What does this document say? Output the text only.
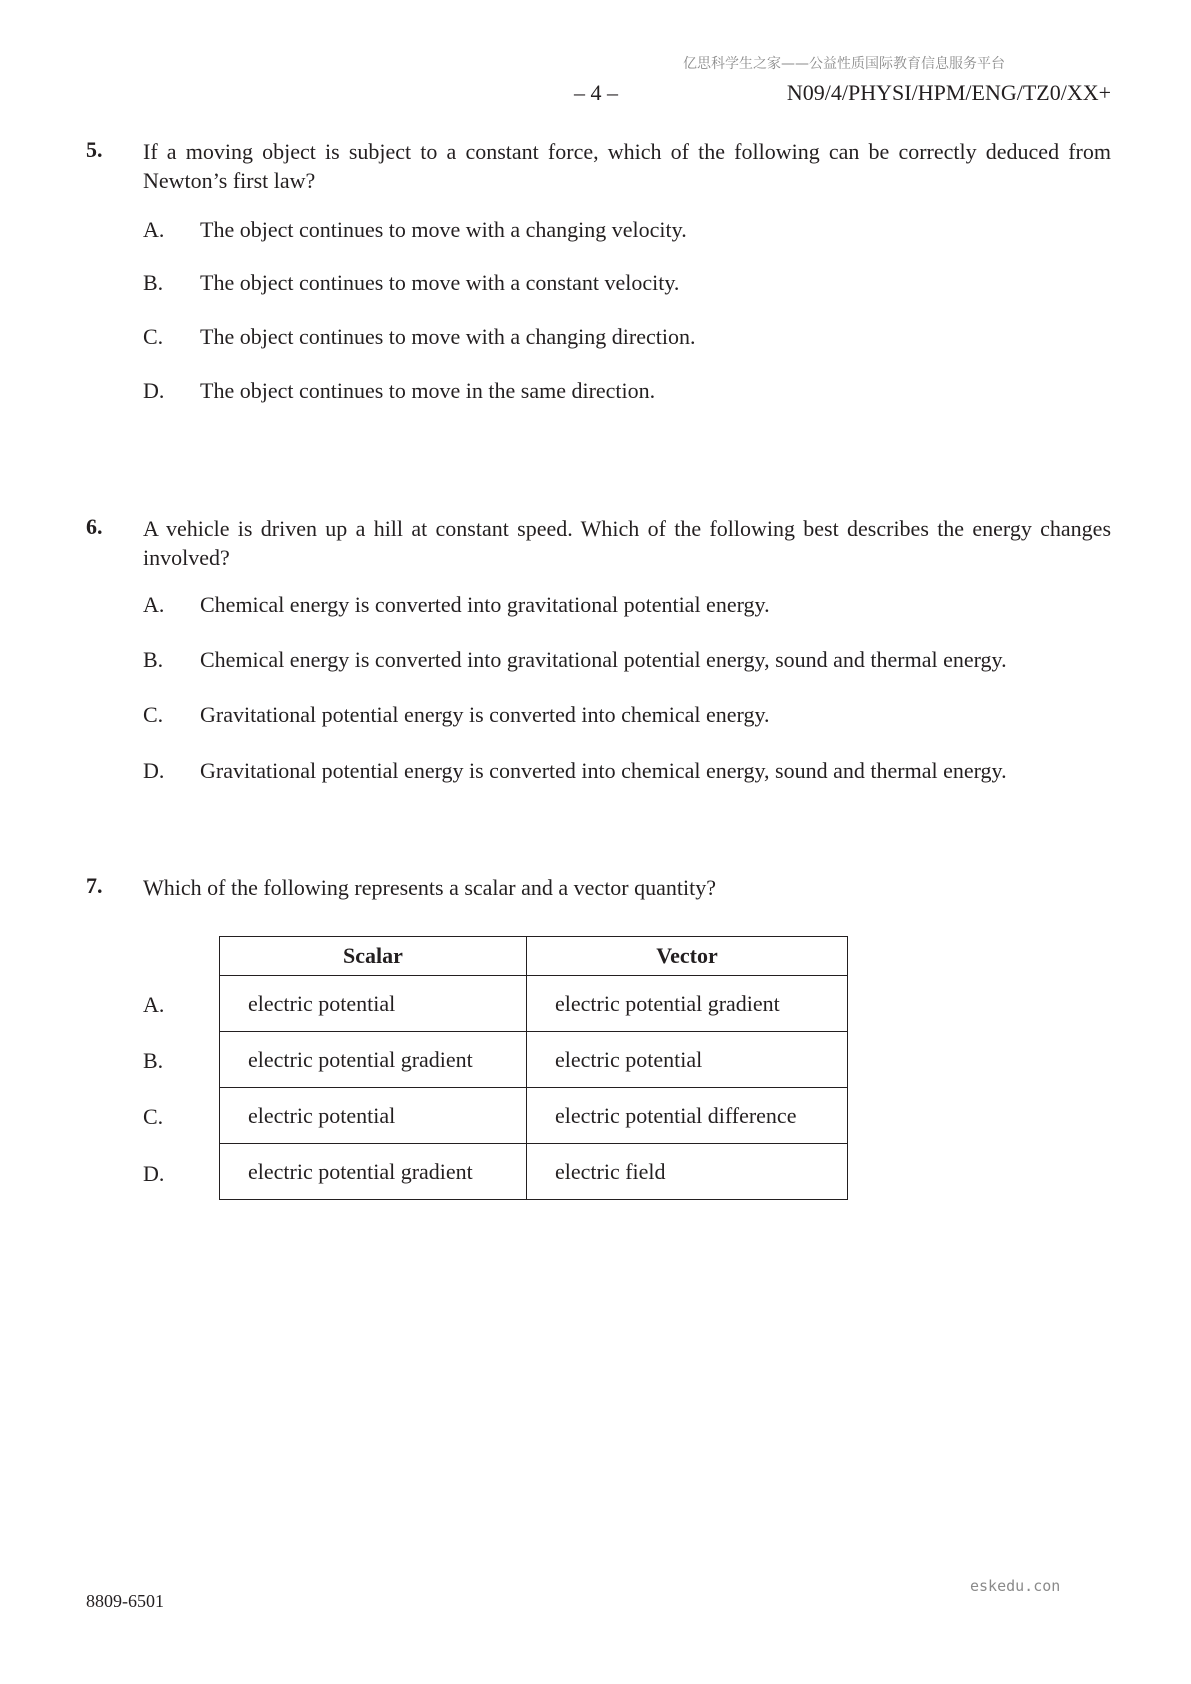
亿思科学生之家——公益性质国际教育信息服务平台
– 4 –	N09/4/PHYSI/HPM/ENG/TZ0/XX+
5. If a moving object is subject to a constant force, which of the following can be correctly deduced from Newton’s first law?
A. The object continues to move with a changing velocity.
B. The object continues to move with a constant velocity.
C. The object continues to move with a changing direction.
D. The object continues to move in the same direction.
6. A vehicle is driven up a hill at constant speed. Which of the following best describes the energy changes involved?
A. Chemical energy is converted into gravitational potential energy.
B. Chemical energy is converted into gravitational potential energy, sound and thermal energy.
C. Gravitational potential energy is converted into chemical energy.
D. Gravitational potential energy is converted into chemical energy, sound and thermal energy.
7. Which of the following represents a scalar and a vector quantity?
A.
B.
C.
D.
Scalar	Vector
electric potential	electric potential gradient
electric potential gradient	electric potential
electric potential	electric potential difference
electric potential gradient	electric field
8809-6501
eskedu.con
